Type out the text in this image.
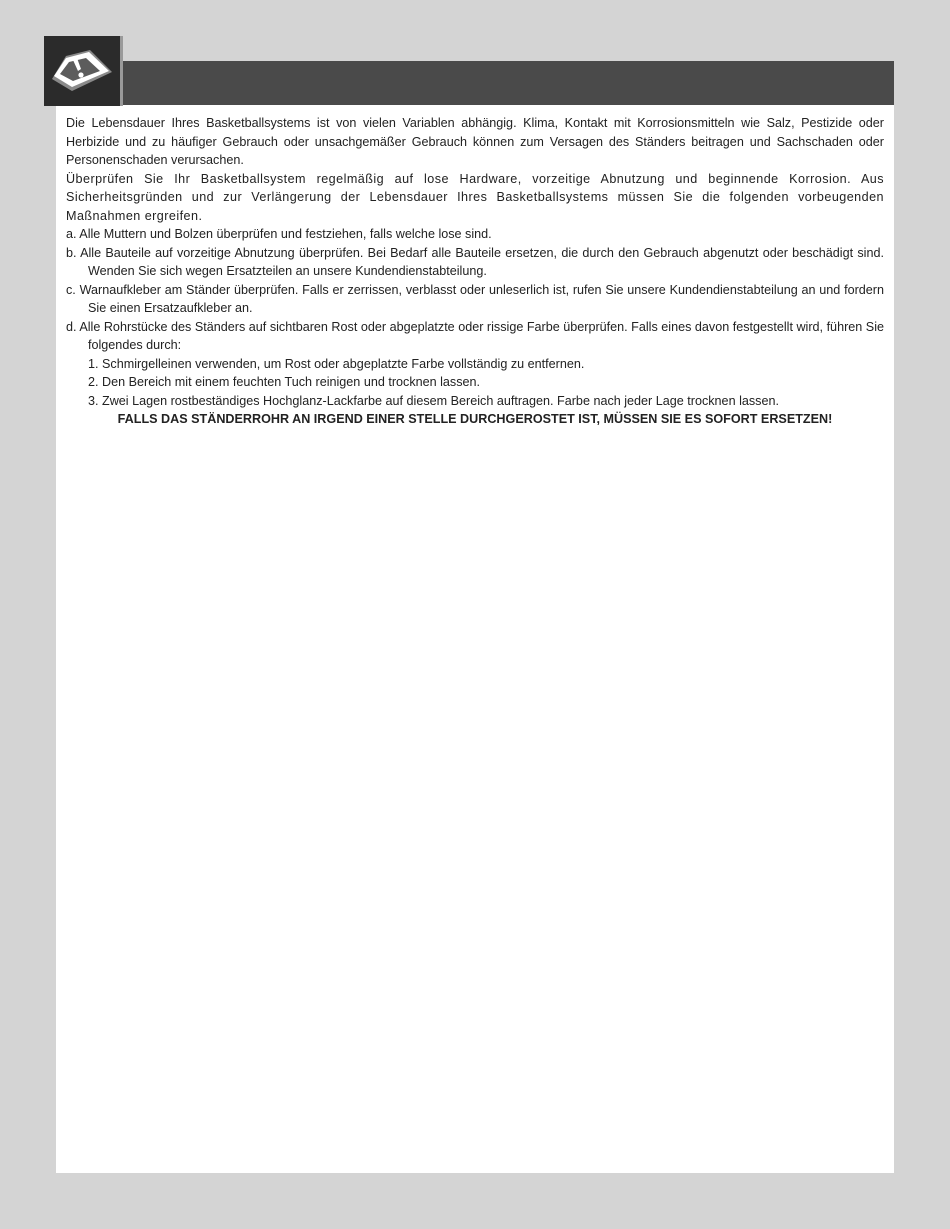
Die Lebensdauer Ihres Basketballsystems ist von vielen Variablen abhängig. Klima, Kontakt mit Korrosionsmitteln wie Salz, Pestizide oder Herbizide und zu häufiger Gebrauch oder unsachgemäßer Gebrauch können zum Versagen des Ständers beitragen und Sachschaden oder Personenschaden verursachen.

Überprüfen Sie Ihr Basketballsystem regelmäßig auf lose Hardware, vorzeitige Abnutzung und beginnende Korrosion. Aus Sicherheitsgründen und zur Verlängerung der Lebensdauer Ihres Basketballsystems müssen Sie die folgenden vorbeugenden Maßnahmen ergreifen.

a. Alle Muttern und Bolzen überprüfen und festziehen, falls welche lose sind.

b. Alle Bauteile auf vorzeitige Abnutzung überprüfen. Bei Bedarf alle Bauteile ersetzen, die durch den Gebrauch abgenutzt oder beschädigt sind. Wenden Sie sich wegen Ersatzteilen an unsere Kundendienstabteilung.

c. Warnaufkleber am Ständer überprüfen. Falls er zerrissen, verblasst oder unleserlich ist, rufen Sie unsere Kundendienstabteilung an und fordern Sie einen Ersatzaufkleber an.

d. Alle Rohrstücke des Ständers auf sichtbaren Rost oder abgeplatzte oder rissige Farbe überprüfen. Falls eines davon festgestellt wird, führen Sie folgendes durch:

1. Schmirgelleinen verwenden, um Rost oder abgeplatzte Farbe vollständig zu entfernen.

2. Den Bereich mit einem feuchten Tuch reinigen und trocknen lassen.

3. Zwei Lagen rostbeständiges Hochglanz-Lackfarbe auf diesem Bereich auftragen. Farbe nach jeder Lage trocknen lassen.

FALLS DAS STÄNDERROHR AN IRGEND EINER STELLE DURCHGEROSTET IST, MÜSSEN SIE ES SOFORT ERSETZEN!
